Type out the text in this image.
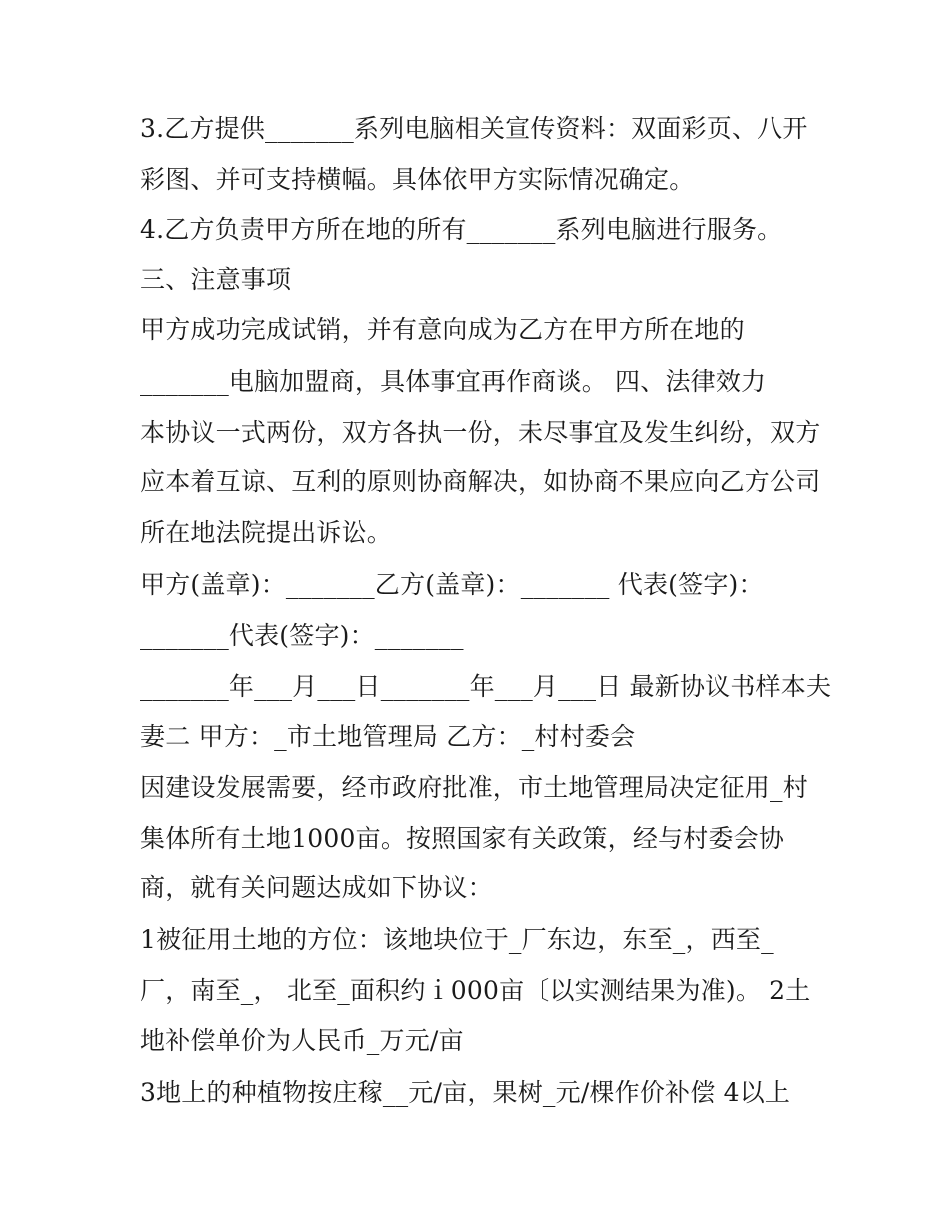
3.乙方提供_______系列电脑相关宣传资料：双面彩页、八开

彩图、并可支持横幅。具体依甲方实际情况确定。

4.乙方负责甲方所在地的所有_______系列电脑进行服务。

三、注意事项

甲方成功完成试销，并有意向成为乙方在甲方所在地的

_______电脑加盟商，具体事宜再作商谈。 四、法律效力

本协议一式两份，双方各执一份，未尽事宜及发生纠纷，双方

应本着互谅、互利的原则协商解决，如协商不果应向乙方公司

所在地法院提出诉讼。

甲方(盖章)：_______乙方(盖章)：_______ 代表(签字)：

_______代表(签字)：_______

_______年___月___日_______年___月___日 最新协议书样本夫

妻二 甲方：_市土地管理局 乙方：_村村委会

因建设发展需要，经市政府批准，市土地管理局决定征用_村

集体所有土地1000亩。按照国家有关政策，经与村委会协

商，就有关问题达成如下协议：

1被征用土地的方位：该地块位于_厂东边，东至_，西至_

厂，南至_， 北至_面积约ｉ000亩〔以实测结果为准)。 2土

地补偿单价为人民币_万元/亩

3地上的种植物按庄稼__元/亩，果树_元/棵作价补偿 4以上
